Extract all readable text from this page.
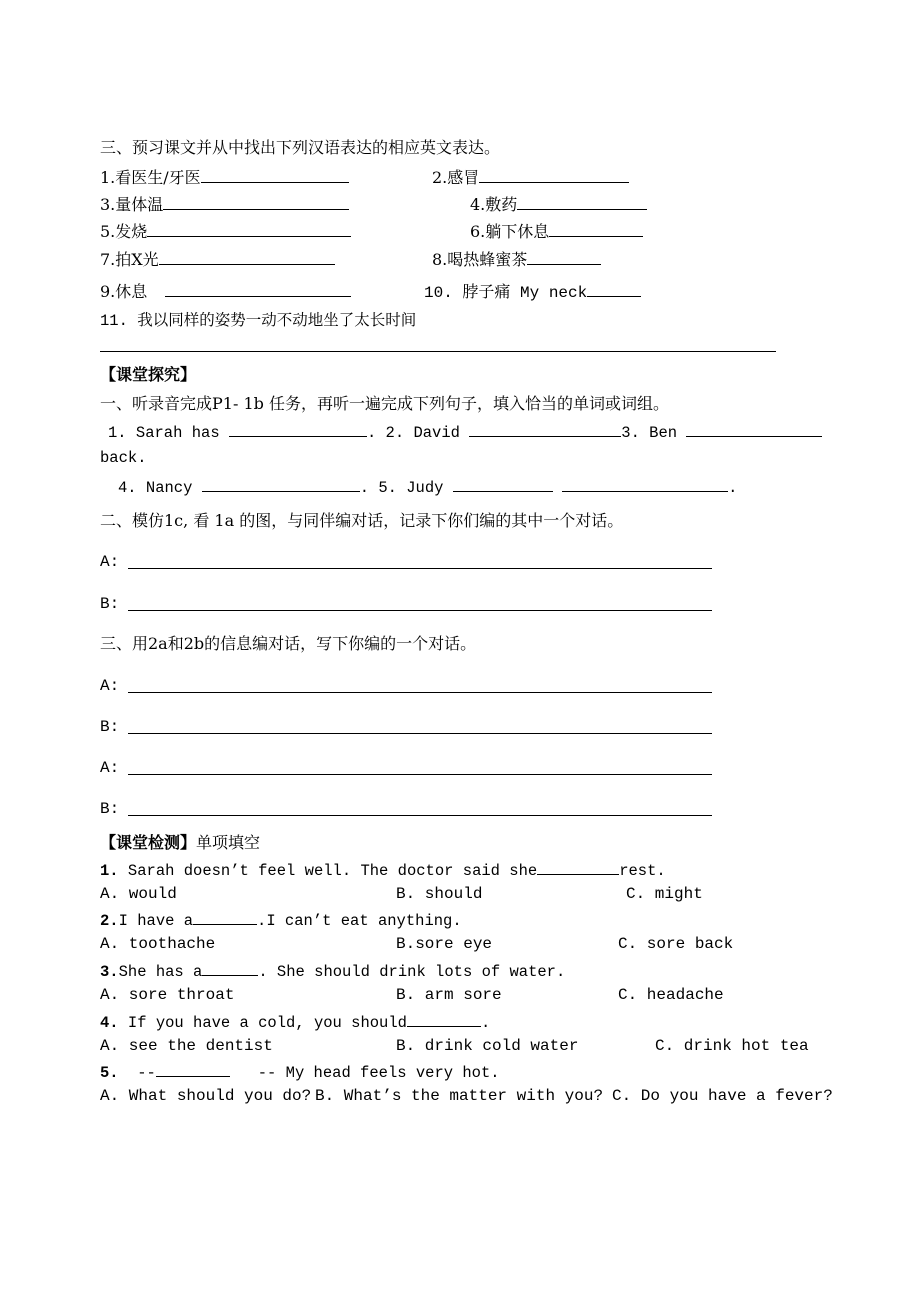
三、预习课文并从中找出下列汉语表达的相应英文表达。
1.看医生/牙医	2.感冒
3.量体温	4.敷药
5.发烧	6.躺下休息
7.拍X光	8.喝热蜂蜜茶
9.休息	10. 脖子痛 My neck
11. 我以同样的姿势一动不动地坐了太长时间
【课堂探究】
一、听录音完成P1- 1b 任务，再听一遍完成下列句子，填入恰当的单词或词组。
1. Sarah has	. 2. David	3. Ben
back.
4. Nancy	. 5. Judy	.
二、模仿1c, 看 1a 的图，与同伴编对话，记录下你们编的其中一个对话。
A:
B:
三、用2a和2b的信息编对话，写下你编的一个对话。
A:
B:
A:
B:
【课堂检测】单项填空
1. Sarah doesn’t feel well. The doctor said she	rest.
A. would	B. should	C. might
2.I have a	.I can’t eat anything.
A. toothache	B.sore eye	C. sore back
3.She has a	. She should drink lots of water.
A. sore throat	B. arm sore	C. headache
4. If you have a cold, you should	.
A. see the dentist	B. drink cold water	C. drink hot tea
5.  --	-- My head feels very hot.
A. What should you do? B. What’s the matter with you? C. Do you have a fever?
